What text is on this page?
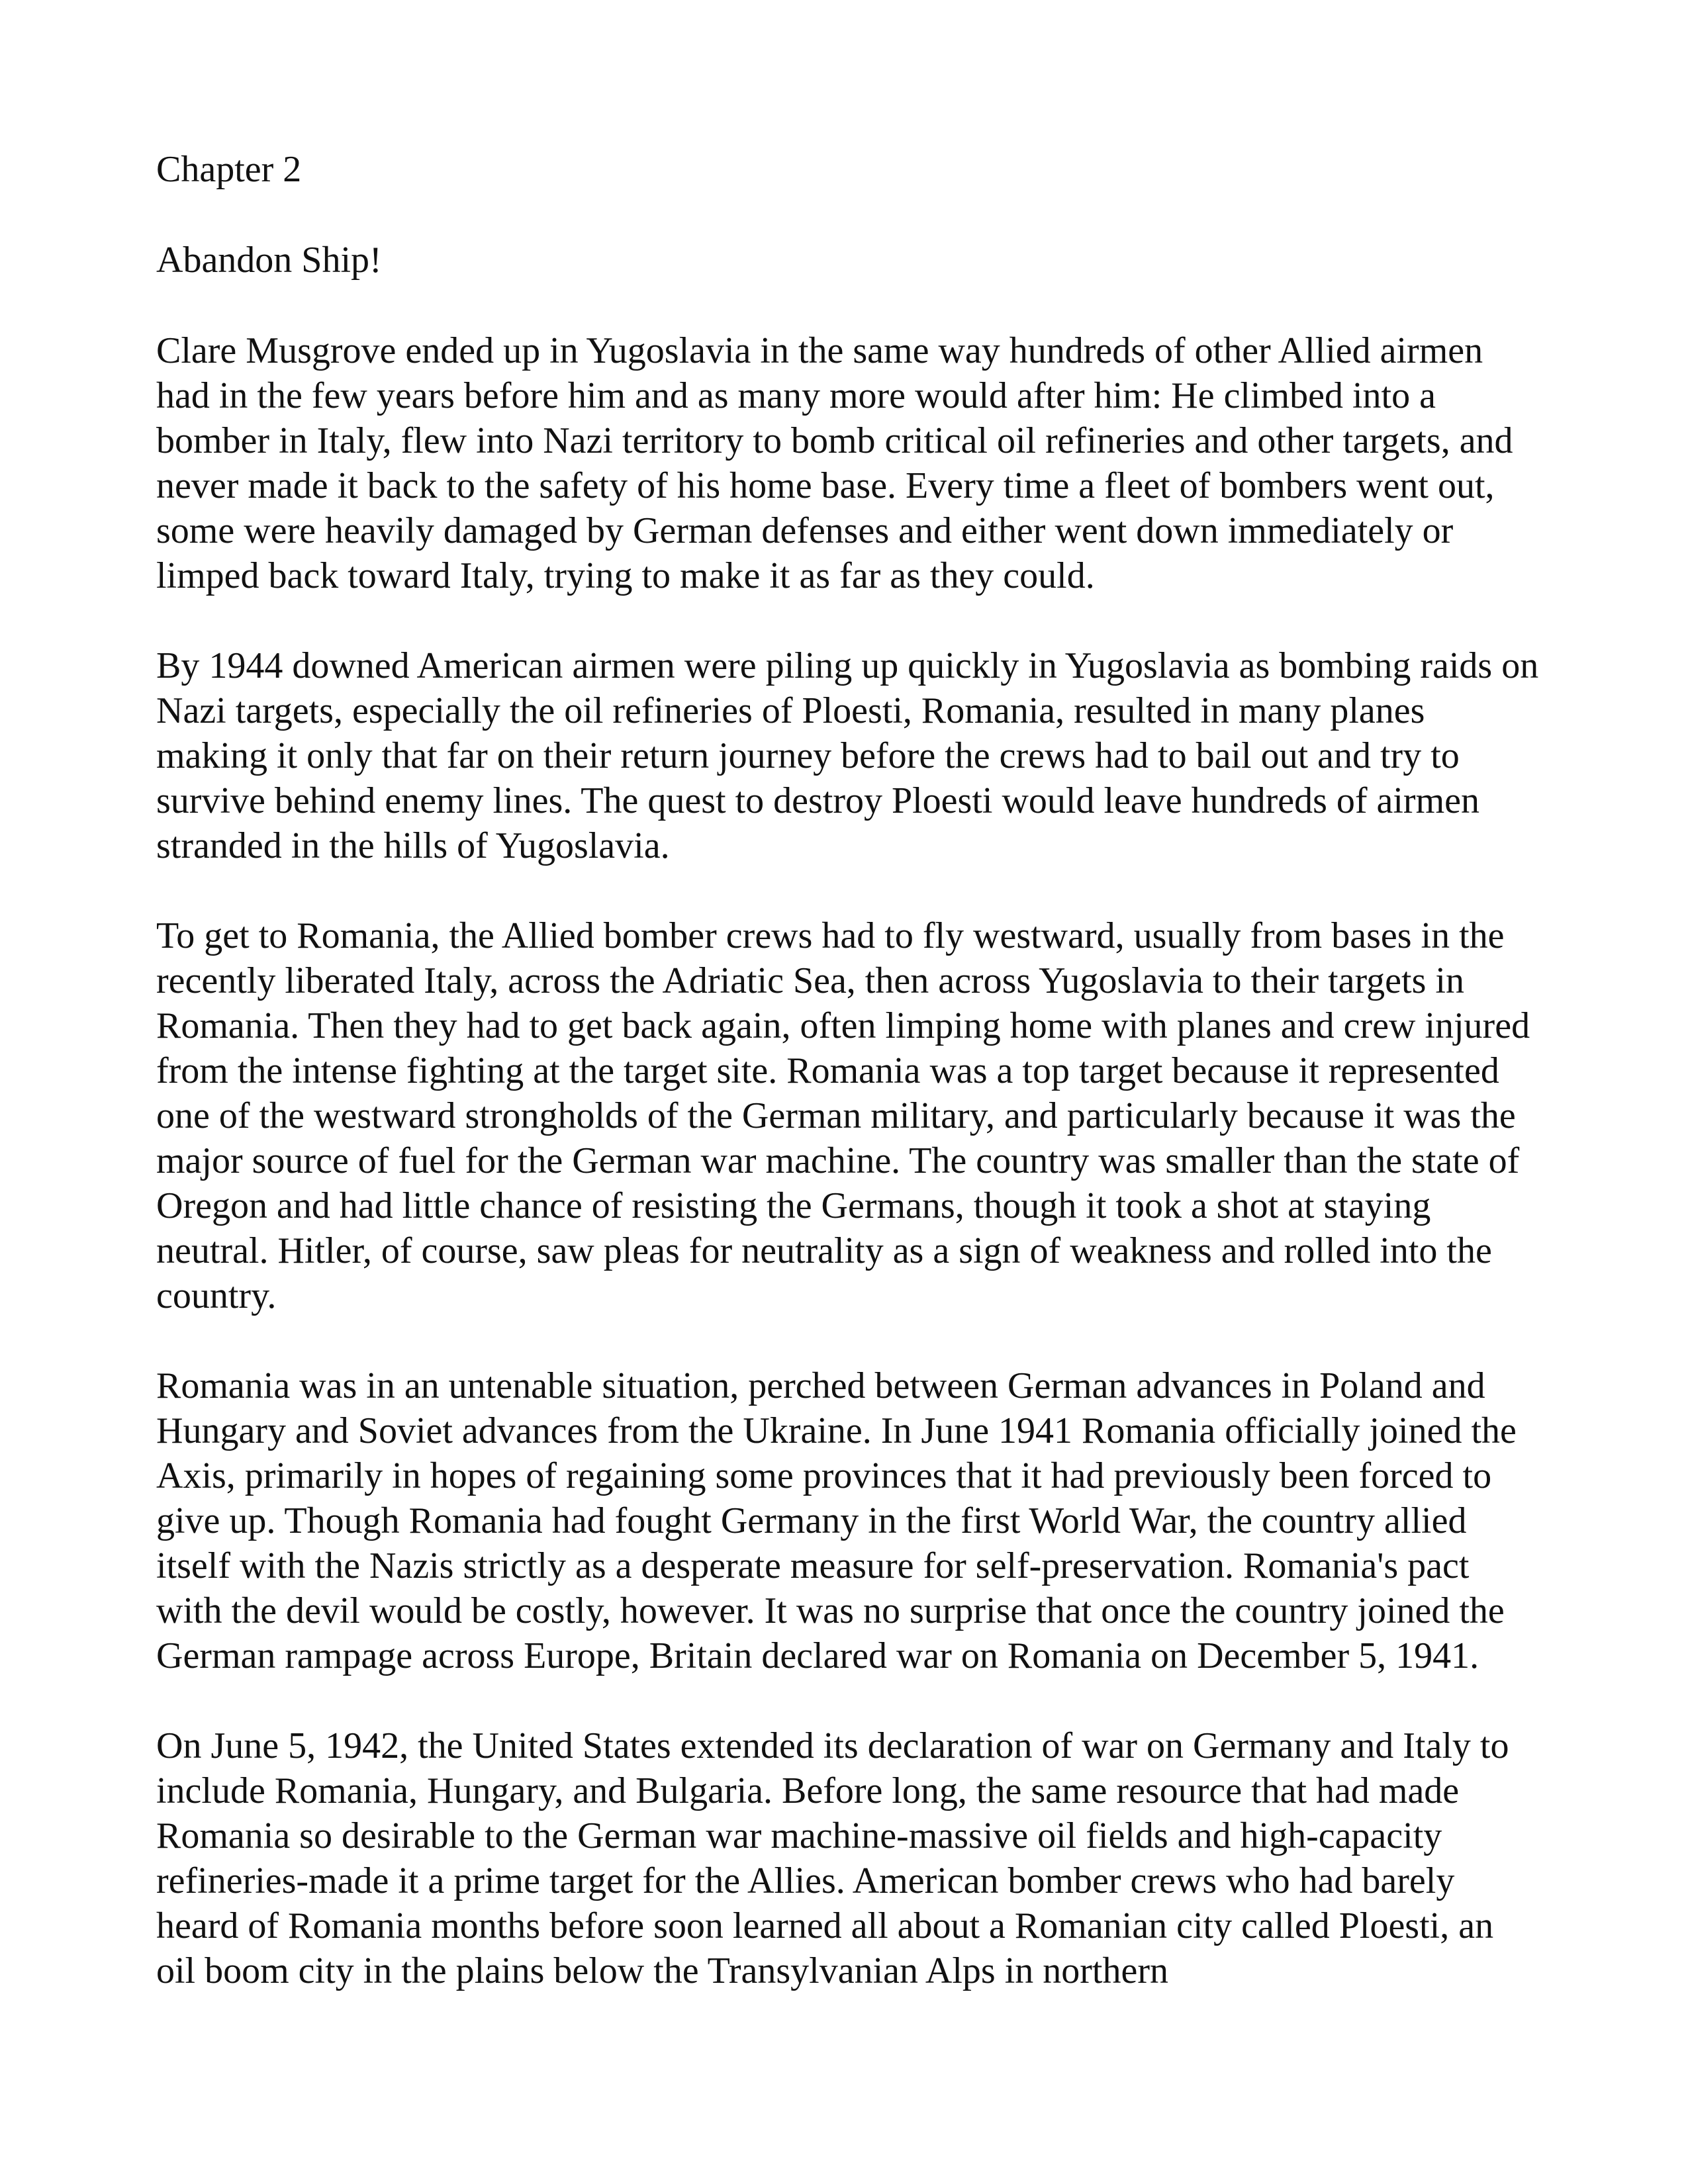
Chapter 2

Abandon Ship!

Clare Musgrove ended up in Yugoslavia in the same way hundreds of other Allied airmen had in the few years before him and as many more would after him: He climbed into a bomber in Italy, flew into Nazi territory to bomb critical oil refineries and other targets, and never made it back to the safety of his home base. Every time a fleet of bombers went out, some were heavily damaged by German defenses and either went down immediately or limped back toward Italy, trying to make it as far as they could.

By 1944 downed American airmen were piling up quickly in Yugoslavia as bombing raids on Nazi targets, especially the oil refineries of Ploesti, Romania, resulted in many planes making it only that far on their return journey before the crews had to bail out and try to survive behind enemy lines. The quest to destroy Ploesti would leave hundreds of airmen stranded in the hills of Yugoslavia.

To get to Romania, the Allied bomber crews had to fly westward, usually from bases in the recently liberated Italy, across the Adriatic Sea, then across Yugoslavia to their targets in Romania. Then they had to get back again, often limping home with planes and crew injured from the intense fighting at the target site. Romania was a top target because it represented one of the westward strongholds of the German military, and particularly because it was the major source of fuel for the German war machine. The country was smaller than the state of Oregon and had little chance of resisting the Germans, though it took a shot at staying neutral. Hitler, of course, saw pleas for neutrality as a sign of weakness and rolled into the country.

Romania was in an untenable situation, perched between German advances in Poland and Hungary and Soviet advances from the Ukraine. In June 1941 Romania officially joined the Axis, primarily in hopes of regaining some provinces that it had previously been forced to give up. Though Romania had fought Germany in the first World War, the country allied itself with the Nazis strictly as a desperate measure for self-preservation. Romania's pact with the devil would be costly, however. It was no surprise that once the country joined the German rampage across Europe, Britain declared war on Romania on December 5, 1941.

On June 5, 1942, the United States extended its declaration of war on Germany and Italy to include Romania, Hungary, and Bulgaria. Before long, the same resource that had made Romania so desirable to the German war machine-massive oil fields and high-capacity refineries-made it a prime target for the Allies. American bomber crews who had barely heard of Romania months before soon learned all about a Romanian city called Ploesti, an oil boom city in the plains below the Transylvanian Alps in northern
